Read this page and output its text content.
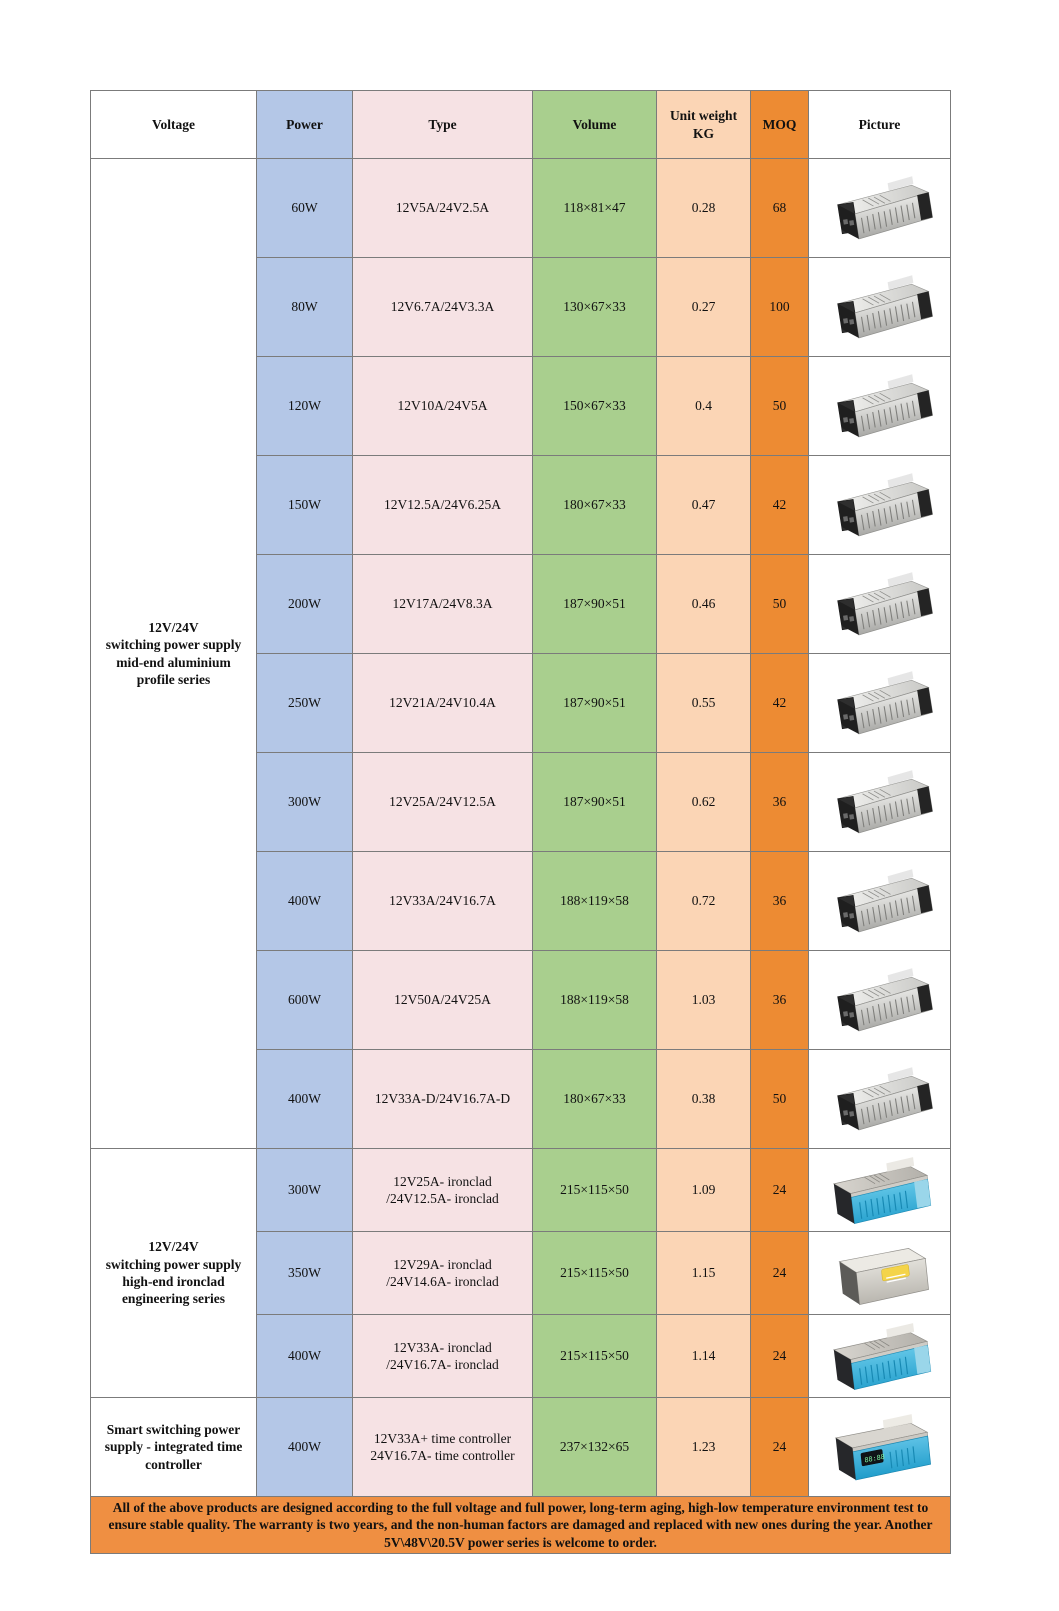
Voltage	Power	Type	Volume	Unit weight
KG	MOQ	Picture

12V/24V
switching power supply
mid-end aluminium
profile series	60W	12V5A/24V2.5A	118×81×47	0.28	68	

	80W	12V6.7A/24V3.3A	130×67×33	0.27	100	

	120W	12V10A/24V5A	150×67×33	0.4	50	

	150W	12V12.5A/24V6.25A	180×67×33	0.47	42	

	200W	12V17A/24V8.3A	187×90×51	0.46	50	

	250W	12V21A/24V10.4A	187×90×51	0.55	42	

	300W	12V25A/24V12.5A	187×90×51	0.62	36	

	400W	12V33A/24V16.7A	188×119×58	0.72	36	

	600W	12V50A/24V25A	188×119×58	1.03	36	

	400W	12V33A-D/24V16.7A-D	180×67×33	0.38	50	

12V/24V
switching power supply
high-end ironclad
engineering series	300W	12V25A- ironclad
/24V12.5A- ironclad	215×115×50	1.09	24	

	350W	12V29A- ironclad
/24V14.6A- ironclad	215×115×50	1.15	24	

	400W	12V33A- ironclad
/24V16.7A- ironclad	215×115×50	1.14	24	

Smart switching power
supply - integrated time
controller	400W	12V33A+ time controller
24V16.7A- time controller	237×132×65	1.23	24	88:88

All of the above products are designed according to the full voltage and full power, long-term aging, high-low temperature environment test to ensure stable quality. The warranty is two years, and the non-human factors are damaged and replaced with new ones during the year. Another 5V\48V\20.5V power series is welcome to order.						
